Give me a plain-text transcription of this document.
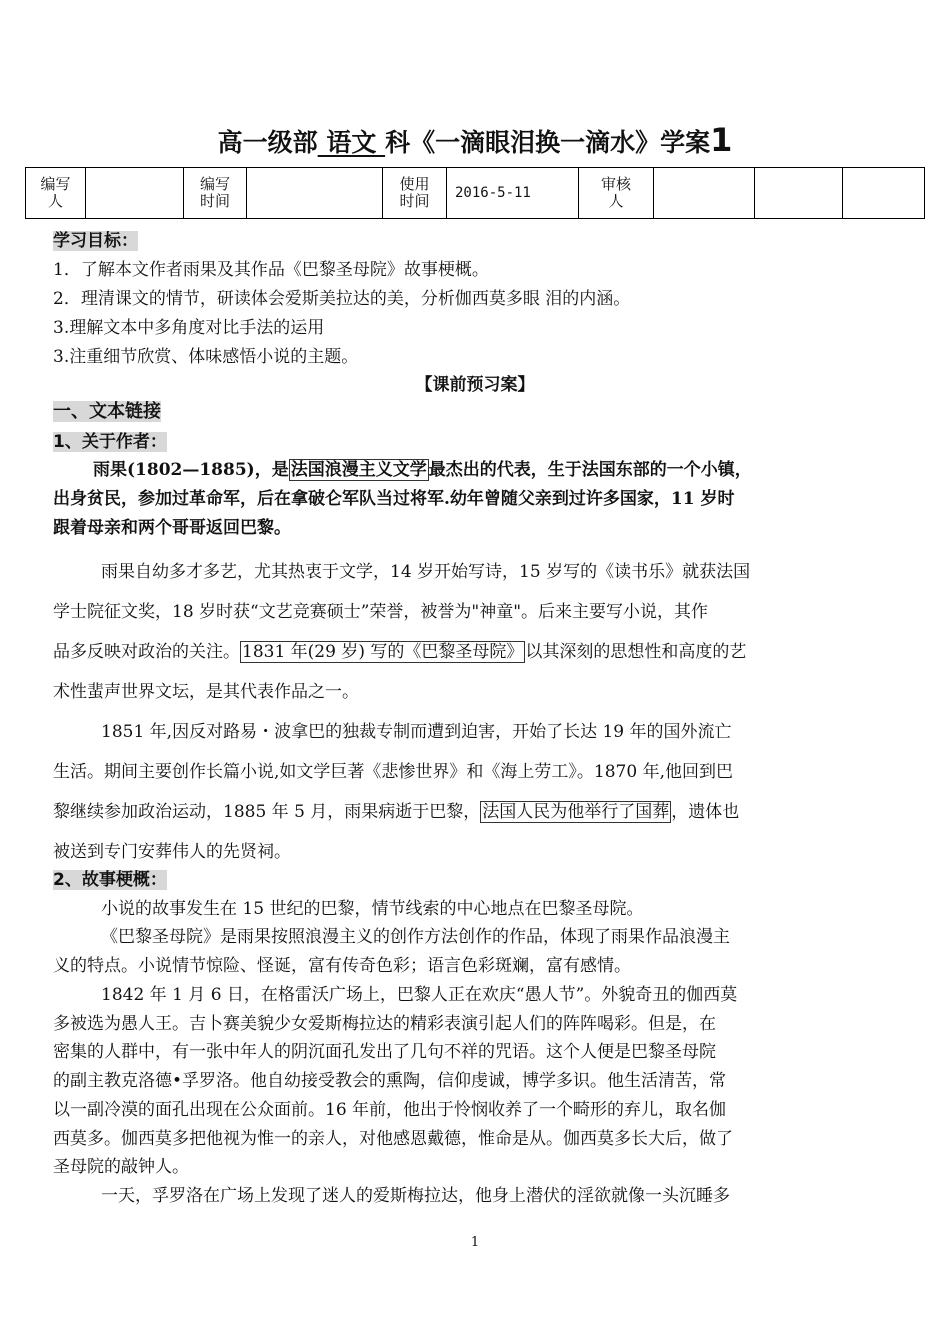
高一级部 语文 科《一滴眼泪换一滴水》学案1
编写
人		编写
时间		使用
时间	2016-5-11	审核
人			
学习目标：
1．了解本文作者雨果及其作品《巴黎圣母院》故事梗概。
2．理清课文的情节，研读体会爱斯美拉达的美，分析伽西莫多眼 泪的内涵。
3.理解文本中多角度对比手法的运用
3.注重细节欣赏、体味感悟小说的主题。
【课前预习案】
一、文本链接
1、关于作者：
雨果(1802—1885)，是 法国浪漫主义文学 最杰出的代表，生于法国东部的一个小镇，
出身贫民，参加过革命军，后在拿破仑军队当过将军.幼年曾随父亲到过许多国家，11 岁时
跟着母亲和两个哥哥返回巴黎。
雨果自幼多才多艺，尤其热衷于文学，14 岁开始写诗，15 岁写的《读书乐》就获法国
学士院征文奖，18 岁时获“文艺竞赛硕士”荣誉，被誉为"神童"。后来主要写小说，其作
品多反映对政治的关注。 1831 年(29 岁) 写的《巴黎圣母院》 以其深刻的思想性和高度的艺
术性蜚声世界文坛，是其代表作品之一。
1851 年,因反对路易・波拿巴的独裁专制而遭到迫害，开始了长达 19 年的国外流亡
生活。期间主要创作长篇小说,如文学巨著《悲惨世界》和《海上劳工》。1870 年,他回到巴
黎继续参加政治运动，1885 年 5 月，雨果病逝于巴黎， 法国人民为他举行了国葬 ，遗体也
被送到专门安葬伟人的先贤祠。
2、故事梗概：
小说的故事发生在 15 世纪的巴黎，情节线索的中心地点在巴黎圣母院。
《巴黎圣母院》是雨果按照浪漫主义的创作方法创作的作品，体现了雨果作品浪漫主
义的特点。小说情节惊险、怪诞，富有传奇色彩；语言色彩斑斓，富有感情。
1842 年 1 月 6 日，在格雷沃广场上，巴黎人正在欢庆“愚人节”。外貌奇丑的伽西莫
多被选为愚人王。吉卜赛美貌少女爱斯梅拉达的精彩表演引起人们的阵阵喝彩。但是，在
密集的人群中，有一张中年人的阴沉面孔发出了几句不祥的咒语。这个人便是巴黎圣母院
的副主教克洛德•孚罗洛。他自幼接受教会的熏陶，信仰虔诚，博学多识。他生活清苦，常
以一副冷漠的面孔出现在公众面前。16 年前，他出于怜悯收养了一个畸形的弃儿，取名伽
西莫多。伽西莫多把他视为惟一的亲人，对他感恩戴德，惟命是从。伽西莫多长大后，做了
圣母院的敲钟人。
一天，孚罗洛在广场上发现了迷人的爱斯梅拉达，他身上潜伏的淫欲就像一头沉睡多
1
